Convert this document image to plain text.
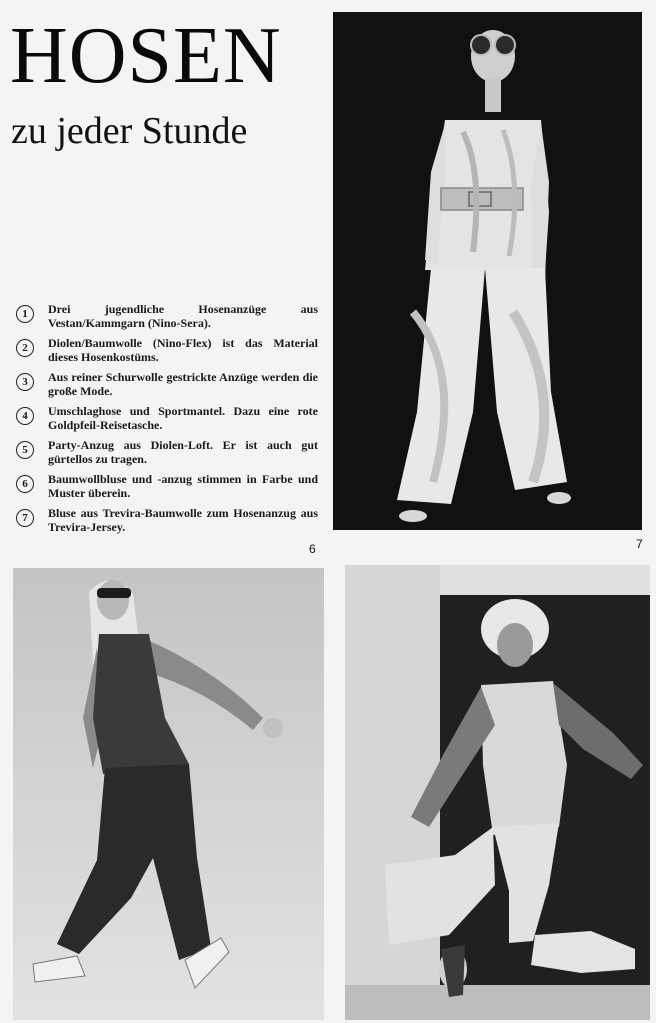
HOSEN
zu jeder Stunde
1	Drei jugendliche Hosenanzüge aus Vestan/Kammgarn (Nino-Sera).
2	Diolen/Baumwolle (Nino-Flex) ist das Material dieses Hosenkostüms.
3	Aus reiner Schurwolle gestrickte Anzüge werden die große Mode.
4	Umschlaghose und Sportmantel. Dazu eine rote Goldpfeil-Reisetasche.
5	Party-Anzug aus Diolen-Loft. Er ist auch gut gürtellos zu tragen.
6	Baumwollbluse und -anzug stimmen in Farbe und Muster überein.
7	Bluse aus Trevira-Baumwolle zum Hosenanzug aus Trevira-Jersey.
6	7
